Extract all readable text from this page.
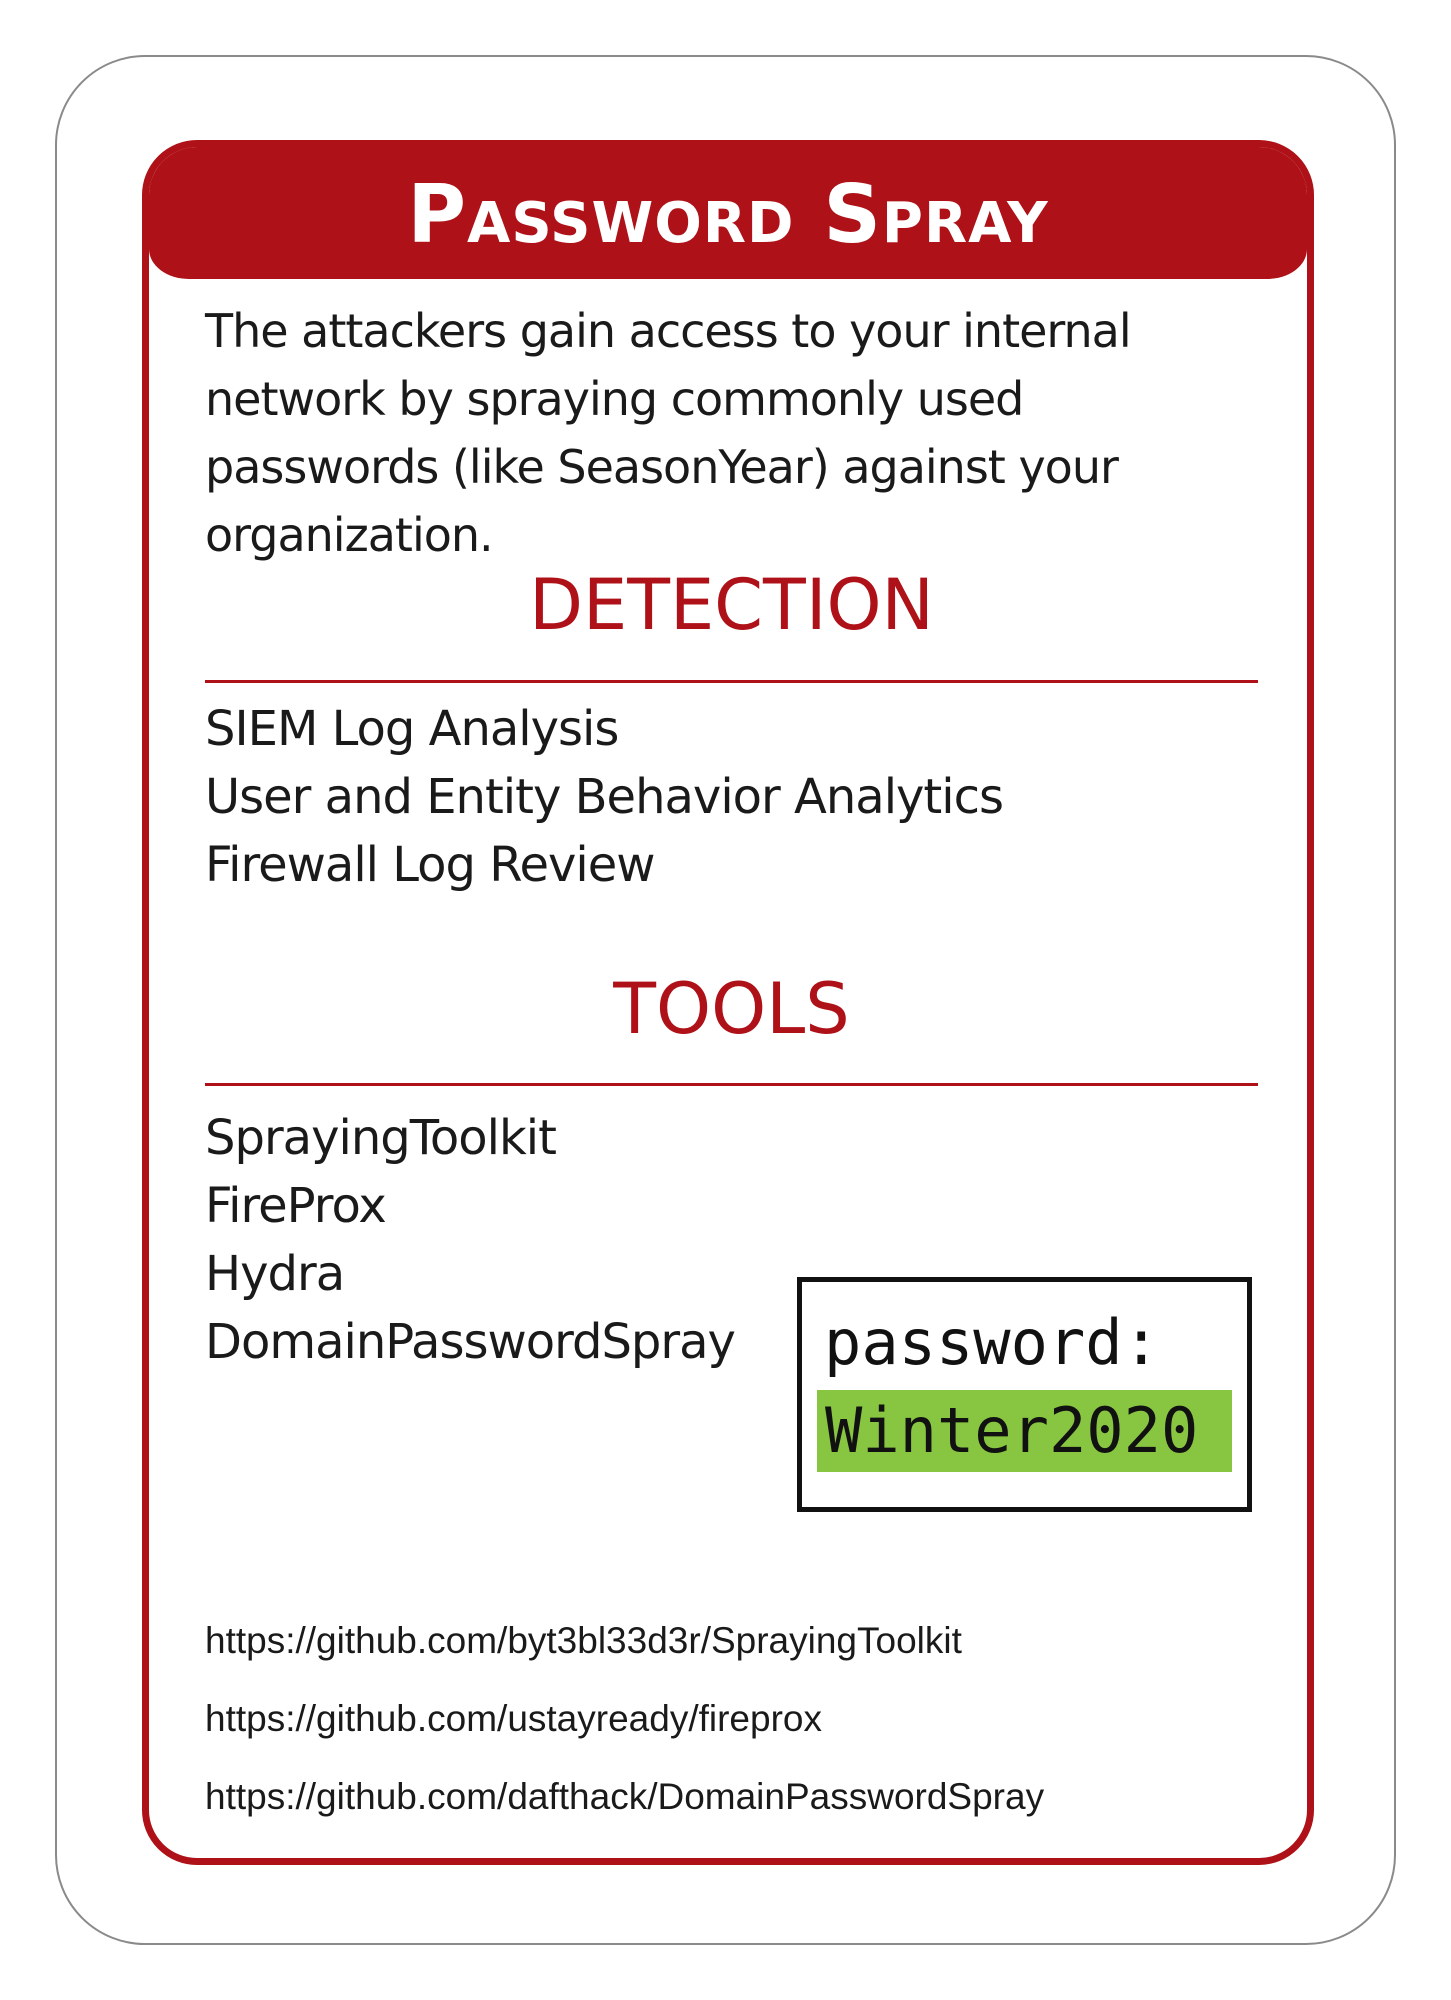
Password Spray
The attackers gain access to your internal network by spraying commonly used passwords (like SeasonYear) against your organization.
DETECTION
SIEM Log Analysis
User and Entity Behavior Analytics
Firewall Log Review
TOOLS
SprayingToolkit
FireProx
Hydra
DomainPasswordSpray password:
Winter2020
https://github.com/byt3bl33d3r/SprayingToolkit
https://github.com/ustayready/fireprox
https://github.com/dafthack/DomainPasswordSpray
